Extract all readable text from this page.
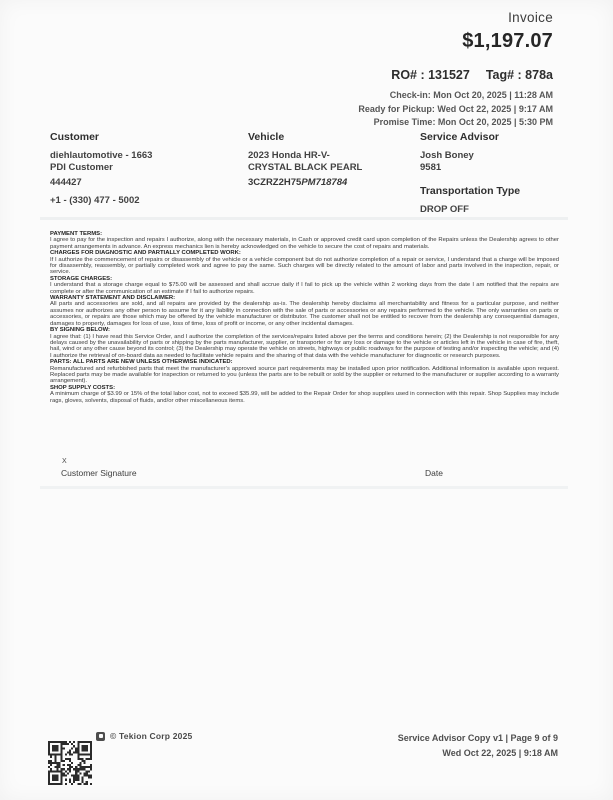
Invoice
$1,197.07
RO# : 131527 Tag# : 878a
Check-in: Mon Oct 20, 2025 | 11:28 AM
Ready for Pickup: Wed Oct 22, 2025 | 9:17 AM
Promise Time: Mon Oct 20, 2025 | 5:30 PM
Customer
diehlautomotive - 1663
PDI Customer
444427
+1 - (330) 477 - 5002
Vehicle
2023 Honda HR-V-
CRYSTAL BLACK PEARL
3CZRZ2H75PM718784
Service Advisor
Josh Boney
9581
Transportation Type
DROP OFF
PAYMENT TERMS:
I agree to pay for the inspection and repairs I authorize, along with the necessary materials, in Cash or approved credit card upon completion of the Repairs unless the Dealership agrees to other payment arrangements in advance. An express mechanics lien is hereby acknowledged on the vehicle to secure the cost of repairs and materials.
CHARGES FOR DIAGNOSTIC AND PARTIALLY COMPLETED WORK:
If I authorize the commencement of repairs or disassembly of the vehicle or a vehicle component but do not authorize completion of a repair or service, I understand that a charge will be imposed for disassembly, reassembly, or partially completed work and agree to pay the same. Such charges will be directly related to the amount of labor and parts involved in the inspection, repair, or service.
STORAGE CHARGES:
I understand that a storage charge equal to $75.00 will be assessed and shall accrue daily if I fail to pick up the vehicle within 2 working days from the date I am notified that the repairs are complete or after the communication of an estimate if I fail to authorize repairs.
WARRANTY STATEMENT AND DISCLAIMER:
All parts and accessories are sold, and all repairs are provided by the dealership as-is. The dealership hereby disclaims all merchantability and fitness for a particular purpose, and neither assumes nor authorizes any other person to assume for it any liability in connection with the sale of parts or accessories or any repairs performed to the vehicle. The only warranties on parts or accessories, or repairs are those which may be offered by the vehicle manufacturer or distributor. The customer shall not be entitled to recover from the dealership any consequential damages, damages to property, damages for loss of use, loss of time, loss of profit or income, or any other incidental damages.
BY SIGNING BELOW:
I agree that: (1) I have read this Service Order, and I authorize the completion of the services/repairs listed above per the terms and conditions herein; (2) the Dealership is not responsible for any delays caused by the unavailability of parts or shipping by the parts manufacturer, supplier, or transporter or for any loss or damage to the vehicle or articles left in the vehicle in case of fire, theft, hail, wind or any other cause beyond its control; (3) the Dealership may operate the vehicle on streets, highways or public roadways for the purpose of testing and/or inspecting the vehicle; and (4) I authorize the retrieval of on-board data as needed to facilitate vehicle repairs and the sharing of that data with the vehicle manufacturer for diagnostic or research purposes.
PARTS: ALL PARTS ARE NEW UNLESS OTHERWISE INDICATED:
Remanufactured and refurbished parts that meet the manufacturer's approved source part requirements may be installed upon prior notification. Additional information is available upon request. Replaced parts may be made available for inspection or returned to you (unless the parts are to be rebuilt or sold by the supplier or returned to the manufacturer or supplier according to a warranty arrangement).
SHOP SUPPLY COSTS:
A minimum charge of $3.99 or 15% of the total labor cost, not to exceed $35.99, will be added to the Repair Order for shop supplies used in connection with this repair. Shop Supplies may include rags, gloves, solvents, disposal of fluids, and/or other miscellaneous items.
X
Customer Signature	Date
© Tekion Corp 2025	Service Advisor Copy v1 | Page 9 of 9
Wed Oct 22, 2025 | 9:18 AM
